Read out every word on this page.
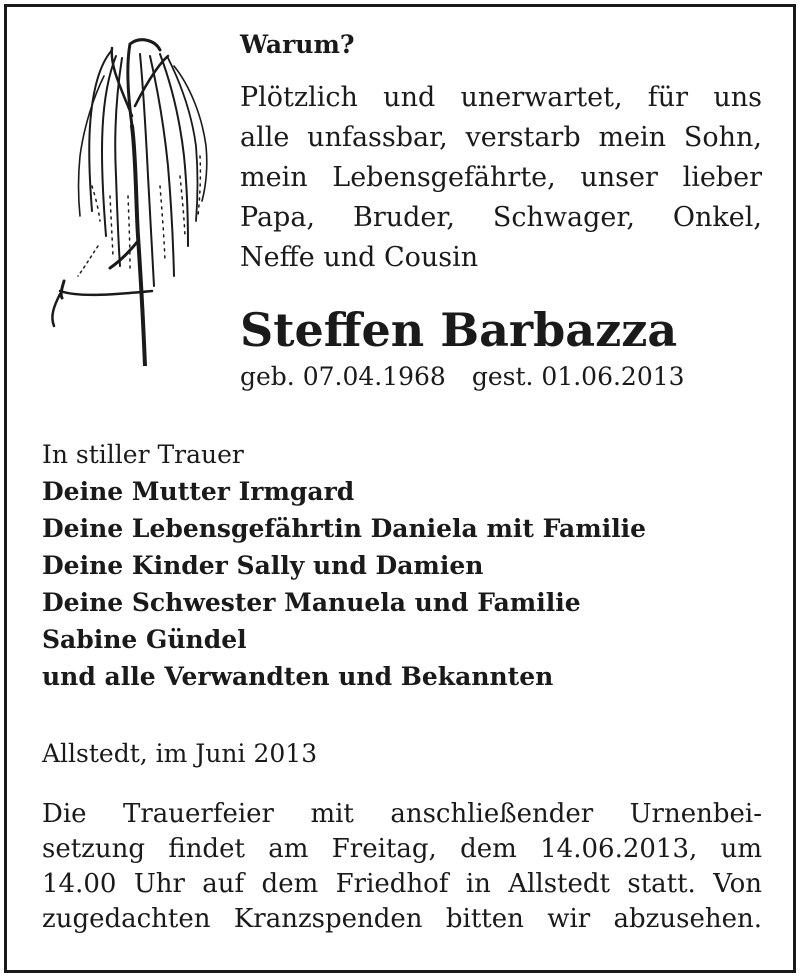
Warum?
Plötzlich und unerwartet, für uns
alle unfassbar, verstarb mein Sohn,
mein Lebensgefährte, unser lieber
Papa, Bruder, Schwager, Onkel,
Neffe und Cousin
Steffen Barbazza
geb. 07.04.1968 gest. 01.06.2013
In stiller Trauer
Deine Mutter Irmgard
Deine Lebensgefährtin Daniela mit Familie
Deine Kinder Sally und Damien
Deine Schwester Manuela und Familie
Sabine Gündel
und alle Verwandten und Bekannten
Allstedt, im Juni 2013
Die Trauerfeier mit anschließender Urnenbei-
setzung findet am Freitag, dem 14.06.2013, um
14.00 Uhr auf dem Friedhof in Allstedt statt. Von
zugedachten Kranzspenden bitten wir abzusehen.
